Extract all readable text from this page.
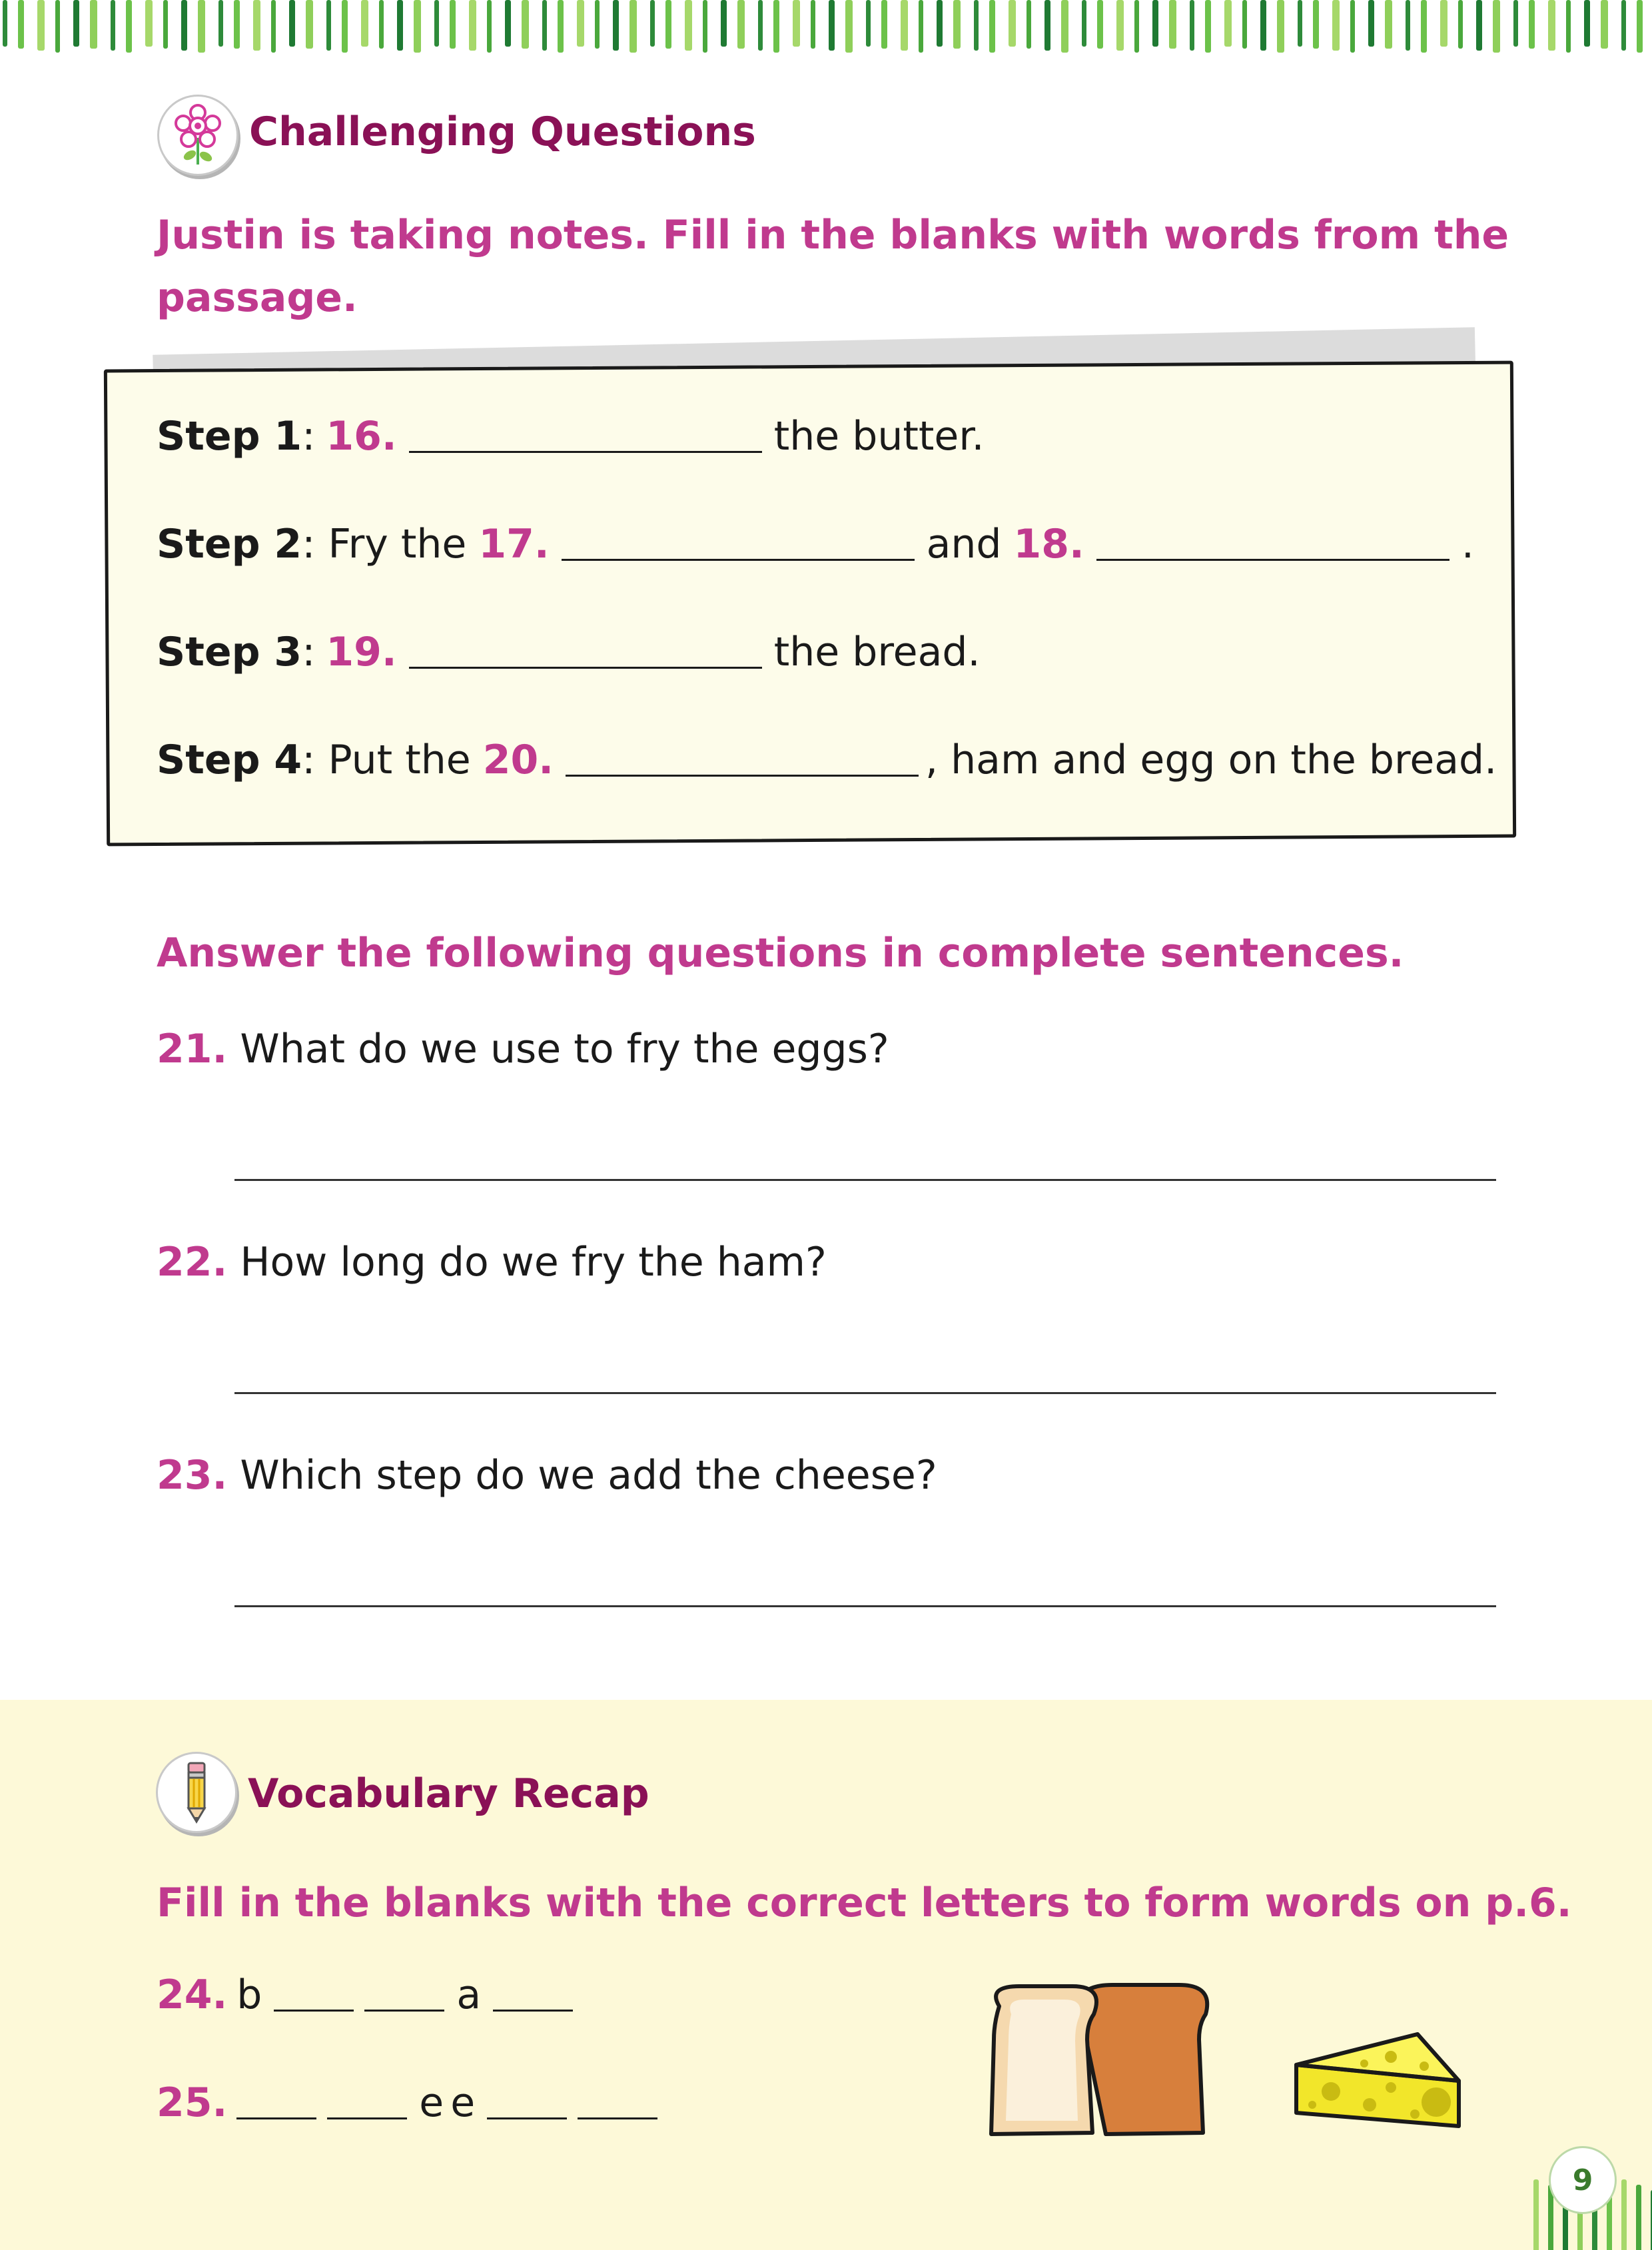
Challenging Questions
Justin is taking notes. Fill in the blanks with words from the
passage.
Step 1 : 16.	the butter.
Step 2 : Fry the 17.	and 18.	.
Step 3 : 19.	the bread.
Step 4 : Put the 20.	, ham and egg on the bread.
Answer the following questions in complete sentences.
21. What do we use to fry the eggs?
22. How long do we fry the ham?
23. Which step do we add the cheese?
Vocabulary Recap
Fill in the blanks with the correct letters to form words on p.6.
24. b	a
25.	e e
9
